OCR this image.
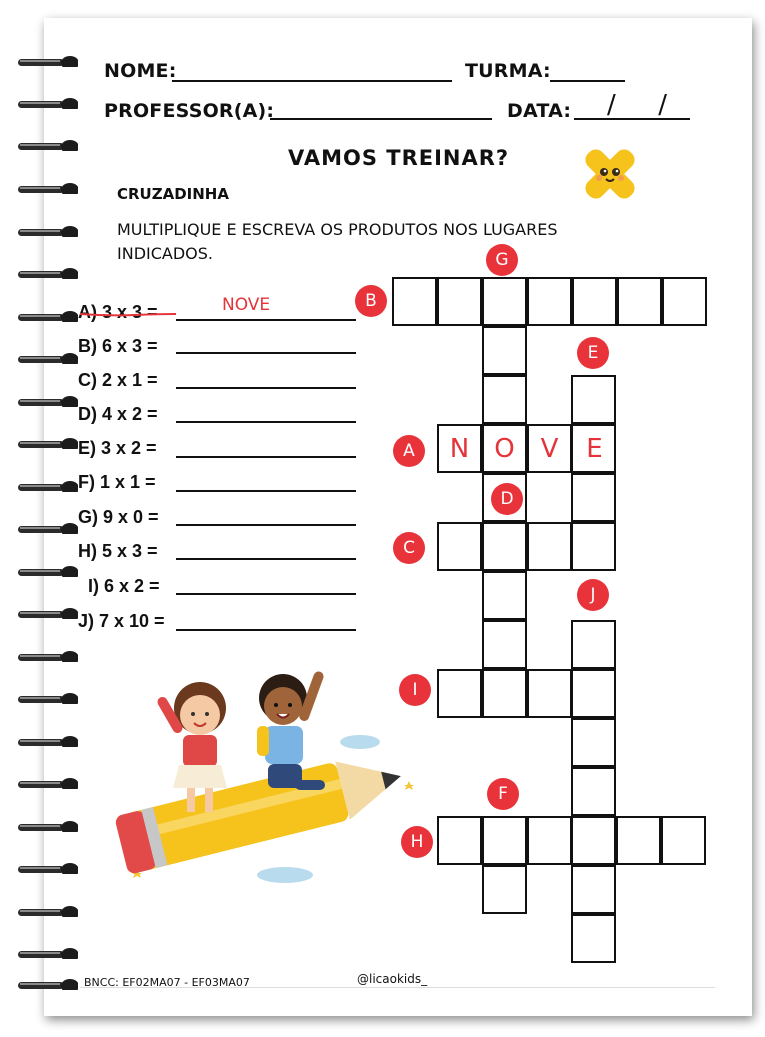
NOME:	TURMA:
PROFESSOR(A):	DATA: /     /
VAMOS TREINAR?
CRUZADINHA
MULTIPLIQUE E ESCREVA OS PRODUTOS NOS LUGARES INDICADOS.
A) 3 x 3 =	NOVE
B) 6 x 3 =
C) 2 x 1 =
D) 4 x 2 =
E) 3 x 2 =
F) 1 x 1 =
G) 9 x 0 =
H) 5 x 3 =
I) 6 x 2 =
J) 7 x 10 =
G
B
E
A
D
C
J
I
F
H
N O V	E
BNCC: EF02MA07 - EF03MA07	@licaokids_
